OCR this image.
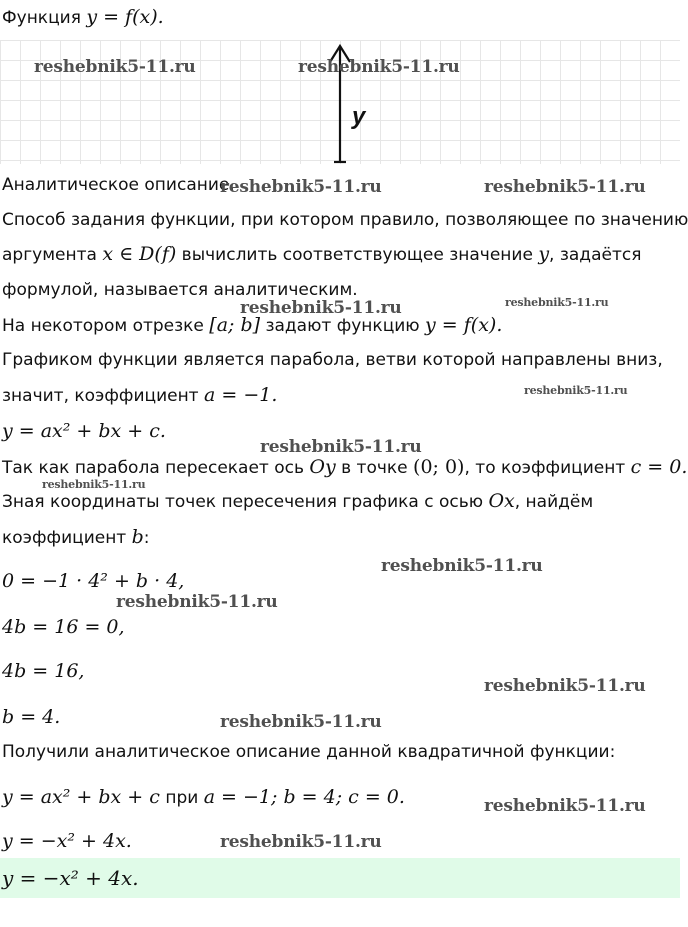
Функция y = f(x).
y
Аналитическое описание.
Способ задания функции, при котором правило, позволяющее по значению
аргумента x ∈ D(f) вычислить соответствующее значение y, задаётся
формулой, называется аналитическим.
На некотором отрезке [a; b] задают функцию y = f(x).
Графиком функции является парабола, ветви которой направлены вниз,
значит, коэффициент a = −1.
y = ax² + bx + c.
Так как парабола пересекает ось Oy в точке (0; 0), то коэффициент c = 0.
Зная координаты точек пересечения графика с осью Ox, найдём
коэффициент b:
0 = −1 · 4² + b · 4,
4b = 16 = 0,
4b = 16,
b = 4.
Получили аналитическое описание данной квадратичной функции:
y = ax² + bx + c при a = −1; b = 4; c = 0.
y = −x² + 4x.
y = −x² + 4x.
reshebnik5-11.ru	reshebnik5-11.ru
reshebnik5-11.ru	reshebnik5-11.ru
reshebnik5-11.ru	reshebnik5-11.ru
reshebnik5-11.ru
reshebnik5-11.ru
reshebnik5-11.ru
reshebnik5-11.ru
reshebnik5-11.ru
reshebnik5-11.ru
reshebnik5-11.ru
reshebnik5-11.ru
reshebnik5-11.ru
